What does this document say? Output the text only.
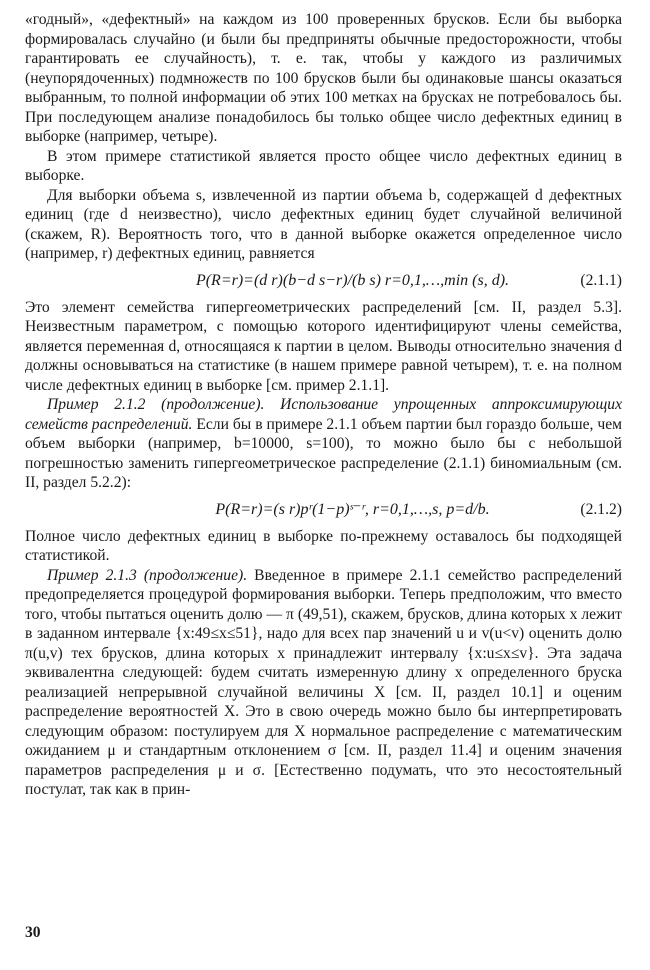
«годный», «дефектный» на каждом из 100 проверенных брусков. Если бы выборка формировалась случайно (и были бы предприняты обычные предосторожности, чтобы гарантировать ее случайность), т. е. так, чтобы у каждого из различимых (неупорядоченных) подмножеств по 100 брусков были бы одинаковые шансы оказаться выбранным, то полной информации об этих 100 метках на брусках не потребовалось бы. При последующем анализе понадобилось бы только общее число дефектных единиц в выборке (например, четыре).

В этом примере статистикой является просто общее число дефектных единиц в выборке.

Для выборки объема s, извлеченной из партии объема b, содержащей d дефектных единиц (где d неизвестно), число дефектных единиц будет случайной величиной (скажем, R). Вероятность того, что в данной выборке окажется определенное число (например, r) дефектных единиц, равняется

P(R=r)=(d r)(b−d s−r)/(b s) r=0,1,…,min (s, d).	(2.1.1)

Это элемент семейства гипергеометрических распределений [см. II, раздел 5.3]. Неизвестным параметром, с помощью которого идентифицируют члены семейства, является переменная d, относящаяся к партии в целом. Выводы относительно значения d должны основываться на статистике (в нашем примере равной четырем), т. е. на полном числе дефектных единиц в выборке [см. пример 2.1.1].

Пример 2.1.2 (продолжение). Использование упрощенных аппроксимирующих семейств распределений. Если бы в примере 2.1.1 объем партии был гораздо больше, чем объем выборки (например, b=10000, s=100), то можно было бы с небольшой погрешностью заменить гипергеометрическое распределение (2.1.1) биномиальным (см. II, раздел 5.2.2):

P(R=r)=(s r)pʳ(1−p)ˢ⁻ʳ, r=0,1,…,s, p=d/b.	(2.1.2)

Полное число дефектных единиц в выборке по-прежнему оставалось бы подходящей статистикой.

Пример 2.1.3 (продолжение). Введенное в примере 2.1.1 семейство распределений предопределяется процедурой формирования выборки. Теперь предположим, что вместо того, чтобы пытаться оценить долю — π (49,51), скажем, брусков, длина которых x лежит в заданном интервале {x:49≤x≤51}, надо для всех пар значений u и v(u<v) оценить долю π(u,v) тех брусков, длина которых x принадлежит интервалу {x:u≤x≤v}. Эта задача эквивалентна следующей: будем считать измеренную длину x определенного бруска реализацией непрерывной случайной величины X [см. II, раздел 10.1] и оценим распределение вероятностей X. Это в свою очередь можно было бы интерпретировать следующим образом: постулируем для X нормальное распределение с математическим ожиданием μ и стандартным отклонением σ [см. II, раздел 11.4] и оценим значения параметров распределения μ и σ. [Естественно подумать, что это несостоятельный постулат, так как в прин-

30
